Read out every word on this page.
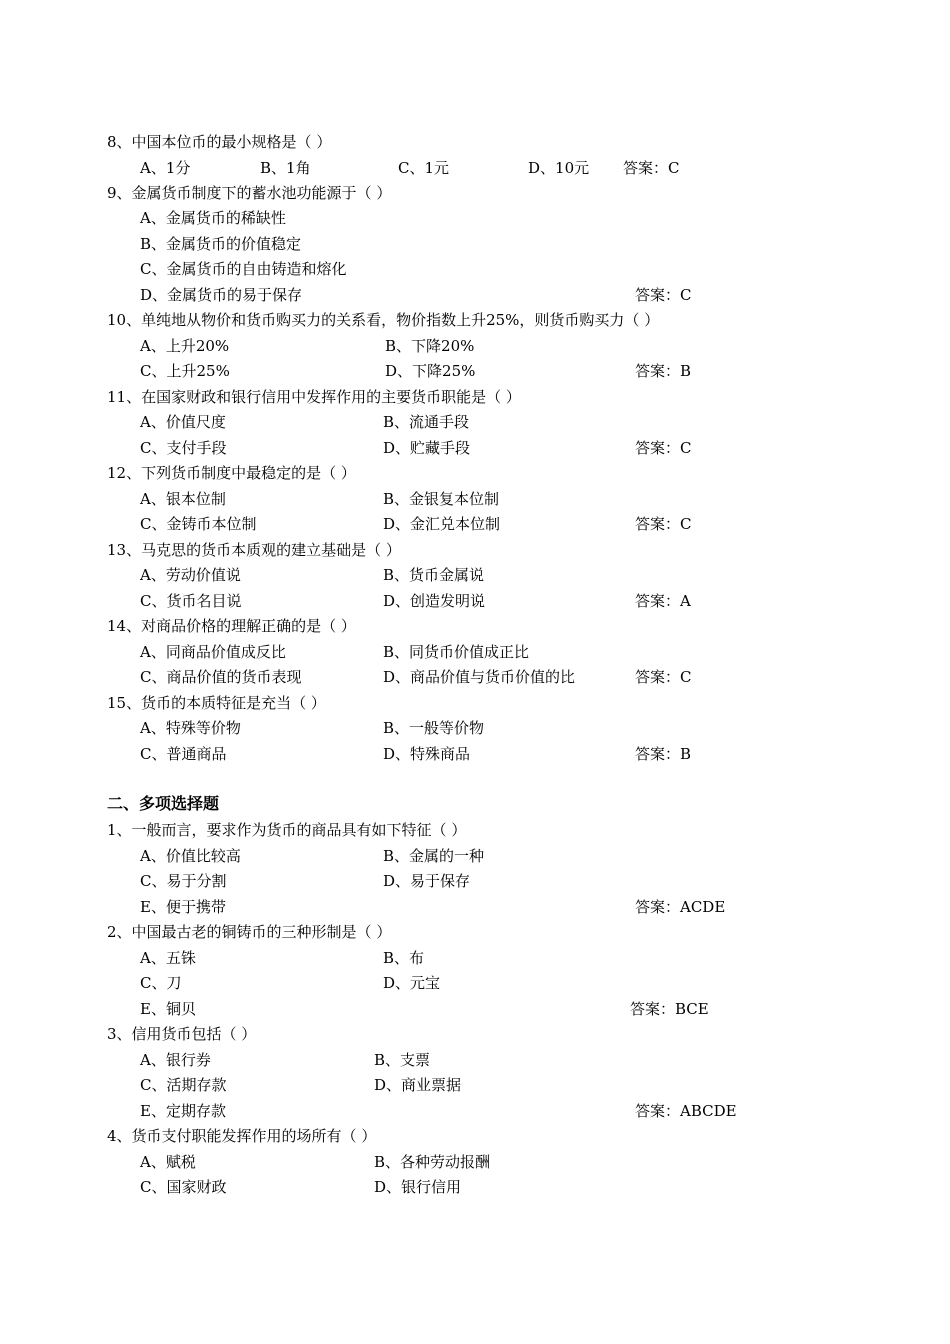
8、中国本位币的最小规格是（ ）
A、1分	B、1角	C、1元	D、10元 答案：C
9、金属货币制度下的蓄水池功能源于（ ）
A、金属货币的稀缺性
B、金属货币的价值稳定
C、金属货币的自由铸造和熔化
D、金属货币的易于保存	答案：C
10、单纯地从物价和货币购买力的关系看，物价指数上升25%，则货币购买力（ ）
A、上升20%	B、下降20%
C、上升25%	D、下降25%	答案：B
11、在国家财政和银行信用中发挥作用的主要货币职能是（ ）
A、价值尺度	B、流通手段
C、支付手段	D、贮藏手段	答案：C
12、下列货币制度中最稳定的是（ ）
A、银本位制	B、金银复本位制
C、金铸币本位制	D、金汇兑本位制	答案：C
13、马克思的货币本质观的建立基础是（ ）
A、劳动价值说	B、货币金属说
C、货币名目说	D、创造发明说	答案：A
14、对商品价格的理解正确的是（ ）
A、同商品价值成反比	B、同货币价值成正比
C、商品价值的货币表现	D、商品价值与货币价值的比	答案：C
15、货币的本质特征是充当（ ）
A、特殊等价物	B、一般等价物
C、普通商品	D、特殊商品	答案：B
二、多项选择题
1、一般而言，要求作为货币的商品具有如下特征（ ）
A、价值比较高	B、金属的一种
C、易于分割	D、易于保存
E、便于携带	答案：ACDE
2、中国最古老的铜铸币的三种形制是（ ）
A、五铢	B、布
C、刀	D、元宝
E、铜贝	答案：BCE
3、信用货币包括（ ）
A、银行券	B、支票
C、活期存款	D、商业票据
E、定期存款	答案：ABCDE
4、货币支付职能发挥作用的场所有（ ）
A、赋税	B、各种劳动报酬
C、国家财政	D、银行信用
